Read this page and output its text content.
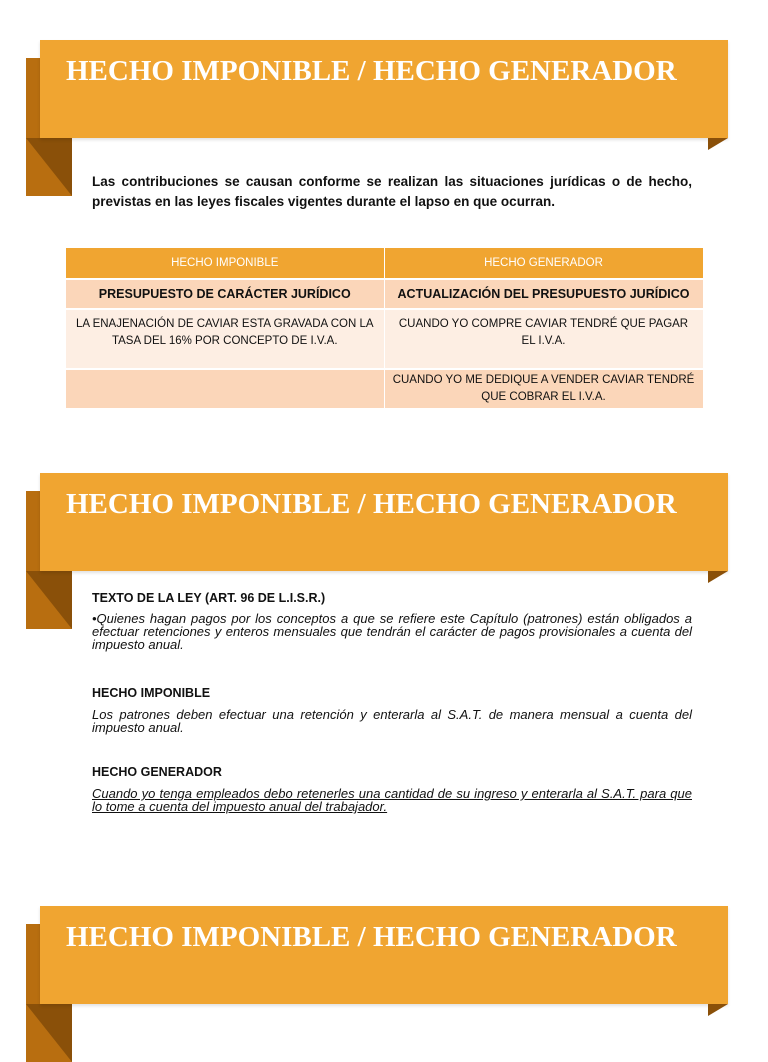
HECHO IMPONIBLE / HECHO GENERADOR

Las contribuciones se causan conforme se realizan las situaciones jurídicas o de hecho, previstas en las leyes fiscales vigentes durante el lapso en que ocurran.

HECHO IMPONIBLE	HECHO GENERADOR
PRESUPUESTO DE CARÁCTER JURÍDICO	ACTUALIZACIÓN DEL PRESUPUESTO JURÍDICO
LA ENAJENACIÓN DE CAVIAR ESTA GRAVADA CON LA TASA DEL 16% POR CONCEPTO DE I.V.A.	CUANDO YO COMPRE CAVIAR TENDRÉ QUE PAGAR EL I.V.A.
	CUANDO YO ME DEDIQUE A VENDER CAVIAR TENDRÉ QUE COBRAR EL I.V.A.
HECHO IMPONIBLE / HECHO GENERADOR
TEXTO DE LA LEY (ART. 96 DE L.I.S.R.)
•Quienes hagan pagos por los conceptos a que se refiere este Capítulo (patrones) están obligados a efectuar retenciones y enteros mensuales que tendrán el carácter de pagos provisionales a cuenta del impuesto anual.
HECHO IMPONIBLE
Los patrones deben efectuar una retención y enterarla al S.A.T. de manera mensual a cuenta del impuesto anual.
HECHO GENERADOR
Cuando yo tenga empleados debo retenerles una cantidad de su ingreso y enterarla al S.A.T. para que lo tome a cuenta del impuesto anual del trabajador.
HECHO IMPONIBLE / HECHO GENERADOR
